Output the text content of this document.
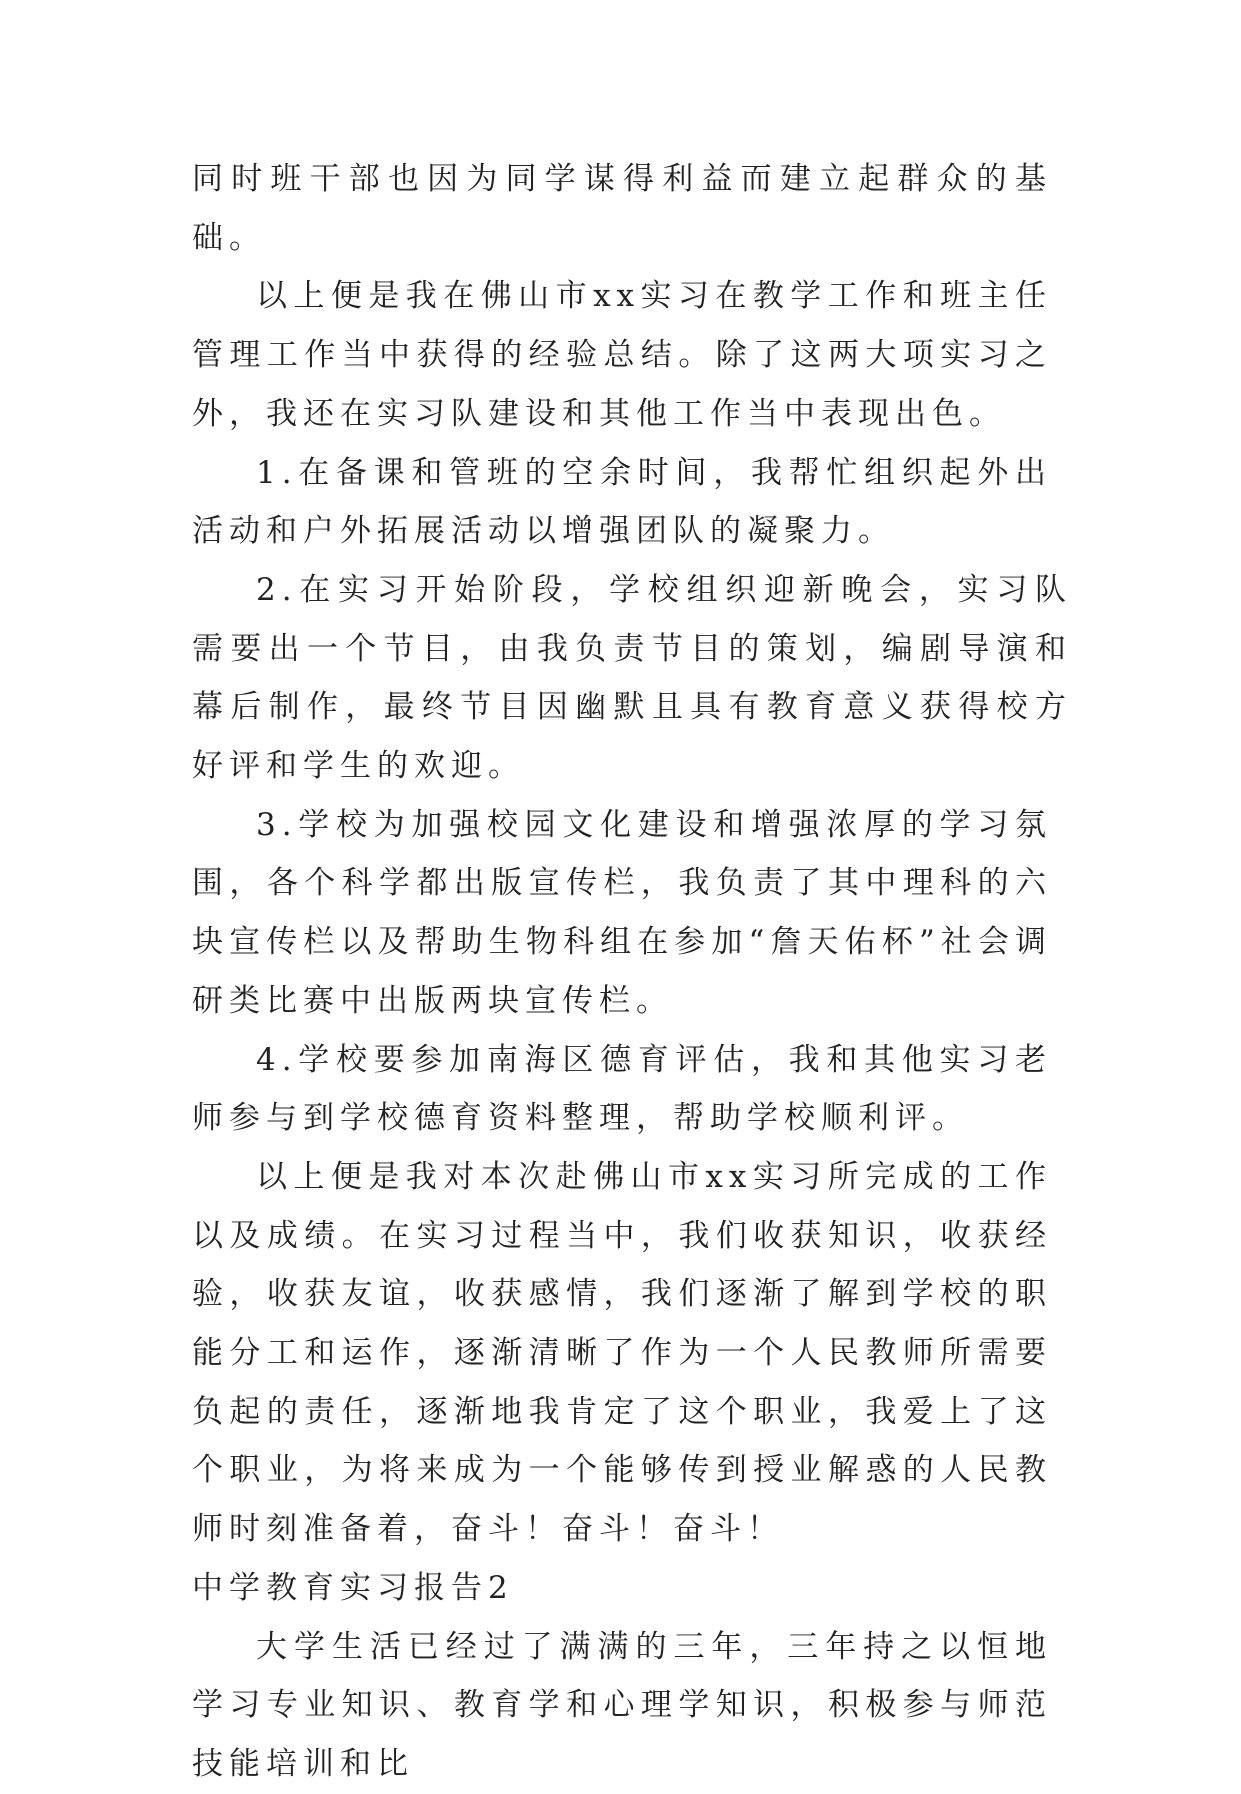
同时班干部也因为同学谋得利益而建立起群众的基础。

以上便是我在佛山市xx实习在教学工作和班主任管理工作当中获得的经验总结。除了这两大项实习之外，我还在实习队建设和其他工作当中表现出色。

1.在备课和管班的空余时间，我帮忙组织起外出活动和户外拓展活动以增强团队的凝聚力。

2.在实习开始阶段，学校组织迎新晚会，实习队需要出一个节目，由我负责节目的策划，编剧导演和幕后制作，最终节目因幽默且具有教育意义获得校方好评和学生的欢迎。

3.学校为加强校园文化建设和增强浓厚的学习氛围，各个科学都出版宣传栏，我负责了其中理科的六块宣传栏以及帮助生物科组在参加“詹天佑杯”社会调研类比赛中出版两块宣传栏。

4.学校要参加南海区德育评估，我和其他实习老师参与到学校德育资料整理，帮助学校顺利评。

以上便是我对本次赴佛山市xx实习所完成的工作以及成绩。在实习过程当中，我们收获知识，收获经验，收获友谊，收获感情，我们逐渐了解到学校的职能分工和运作，逐渐清晰了作为一个人民教师所需要负起的责任，逐渐地我肯定了这个职业，我爱上了这个职业，为将来成为一个能够传到授业解惑的人民教师时刻准备着，奋斗！奋斗！奋斗！

中学教育实习报告2

大学生活已经过了满满的三年，三年持之以恒地学习专业知识、教育学和心理学知识，积极参与师范技能培训和比
